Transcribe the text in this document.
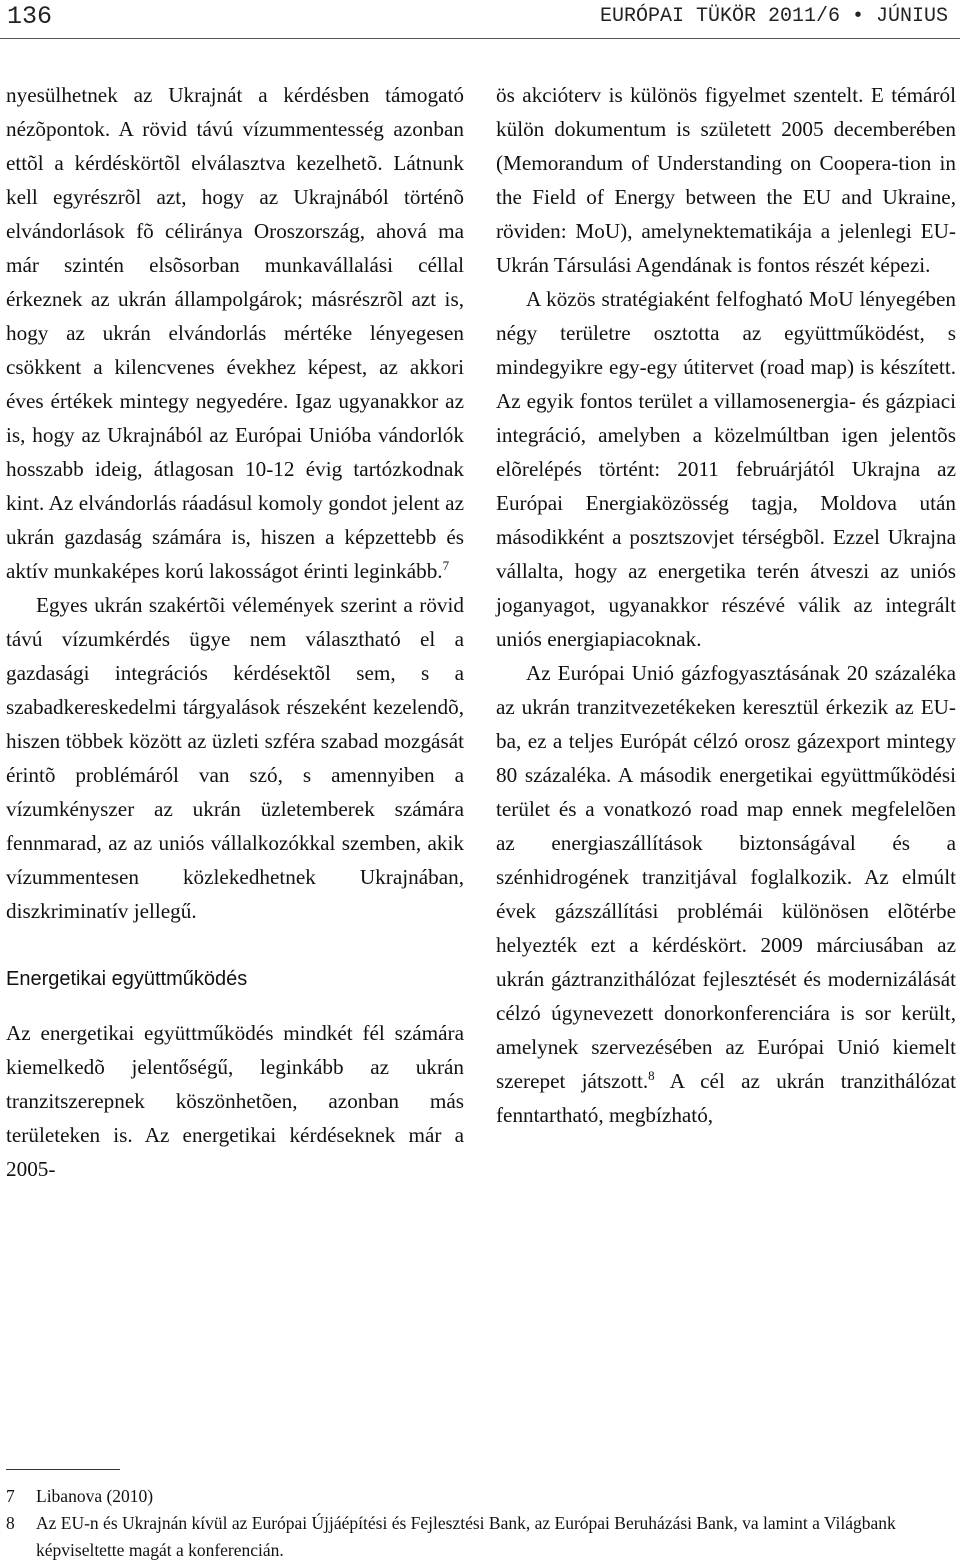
136	EURÓPAI TÜKÖR 2011/6 • JÚNIUS

nyesülhetnek az Ukrajnát a kérdésben támogató nézõpontok. A rövid távú vízummentesség azonban ettõl a kérdéskörtõl elválasztva kezelhetõ. Látnunk kell egyrészrõl azt, hogy az Ukrajnából történõ elvándorlások fõ céliránya Oroszország, ahová ma már szintén elsõsorban munkavállalási céllal érkeznek az ukrán állampolgárok; másrészrõl azt is, hogy az ukrán elvándorlás mértéke lényegesen csökkent a kilencvenes évekhez képest, az akkori éves értékek mintegy negyedére. Igaz ugyanakkor az is, hogy az Ukrajnából az Európai Unióba vándorlók hosszabb ideig, átlagosan 10-12 évig tartózkodnak kint. Az elvándorlás ráadásul komoly gondot jelent az ukrán gazdaság számára is, hiszen a képzettebb és aktív munkaképes korú lakosságot érinti leginkább.$^7$

Egyes ukrán szakértõi vélemények szerint a rövid távú vízumkérdés ügye nem választható el a gazdasági integrációs kérdésektõl sem, s a szabadkereskedelmi tárgyalások részeként kezelendõ, hiszen többek között az üzleti szféra szabad mozgását érintõ problémáról van szó, s amennyiben a vízumkényszer az ukrán üzletemberek számára fennmarad, az az uniós vállalkozókkal szemben, akik vízummentesen közlekedhetnek Ukrajnában, diszkriminatív jellegű.

Energetikai együttműködés

Az energetikai együttműködés mindkét fél számára kiemelkedõ jelentőségű, leginkább az ukrán tranzitszerepnek köszönhetõen, azonban más területeken is. Az energetikai kérdéseknek már a 2005-

ös akcióterv is különös figyelmet szentelt. E témáról külön dokumentum is született 2005 decemberében (Memorandum of Understanding on Coopera-tion in the Field of Energy between the EU and Ukraine, röviden: MoU), amelynektematikája a jelenlegi EU-Ukrán Társulási Agendának is fontos részét képezi.

A közös stratégiaként felfogható MoU lényegében négy területre osztotta az együttműködést, s mindegyikre egy-egy útitervet (road map) is készített. Az egyik fontos terület a villamosenergia- és gázpiaci integráció, amelyben a közelmúltban igen jelentõs elõrelépés történt: 2011 februárjától Ukrajna az Európai Energiaközösség tagja, Moldova után másodikként a posztszovjet térségbõl. Ezzel Ukrajna vállalta, hogy az energetika terén átveszi az uniós joganyagot, ugyanakkor részévé válik az integrált uniós energiapiacoknak.

Az Európai Unió gázfogyasztásának 20 százaléka az ukrán tranzitvezetékeken keresztül érkezik az EU-ba, ez a teljes Európát célzó orosz gázexport mintegy 80 százaléka. A második energetikai együttműködési terület és a vonatkozó road map ennek megfelelõen az energiaszállítások biztonságával és a szénhidrogének tranzitjával foglalkozik. Az elmúlt évek gázszállítási problémái különösen elõtérbe helyezték ezt a kérdéskört. 2009 márciusában az ukrán gáztranzithálózat fejlesztését és modernizálását célzó úgynevezett donorkonferenciára is sor került, amelynek szervezésében az Európai Unió kiemelt szerepet játszott.$^8$ A cél az ukrán tranzithálózat fenntartható, megbízható,

7 Libanova (2010)
8 Az EU-n és Ukrajnán kívül az Európai Újjáépítési és Fejlesztési Bank, az Európai Beruházási Bank, va lamint a Világbank képviseltette magát a konferencián.
